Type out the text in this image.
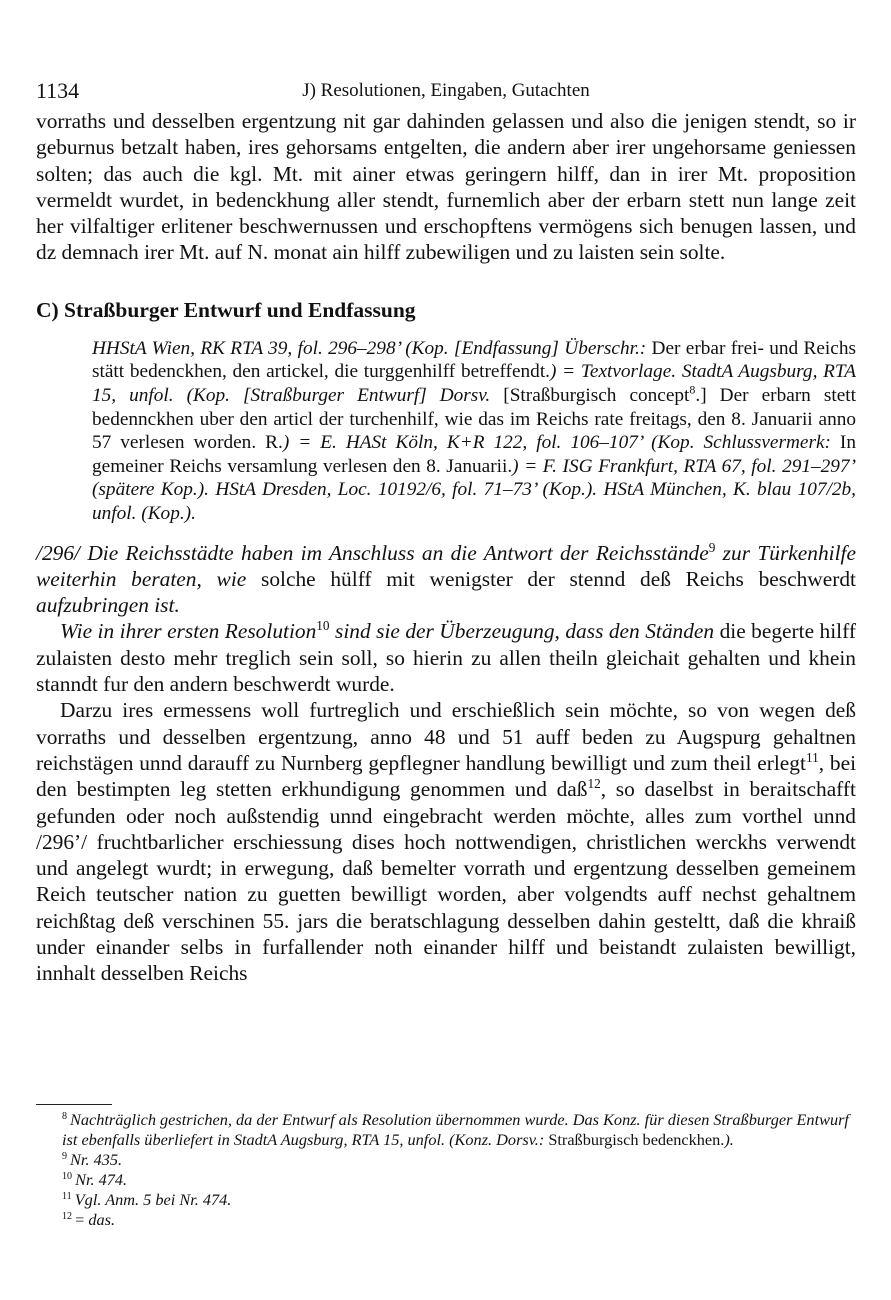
1134	J) Resolutionen, Eingaben, Gutachten

vorraths und desselben ergentzung nit gar dahinden gelassen und also die jenigen stendt, so ir geburnus betzalt haben, ires gehorsams entgelten, die andern aber irer ungehorsame geniessen solten; das auch die kgl. Mt. mit ainer etwas geringern hilff, dan in irer Mt. proposition vermeldt wurdet, in bedenckhung aller stendt, furnemlich aber der erbarn stett nun lange zeit her vilfaltiger erlitener beschwernussen und erschopftens vermögens sich benugen lassen, und dz demnach irer Mt. auf N. monat ain hilff zubewiligen und zu laisten sein solte.

C) Straßburger Entwurf und Endfassung

HHStA Wien, RK RTA 39, fol. 296–298’ (Kop. [Endfassung] Überschr.: Der erbar frei- und Reichs stätt bedenckhen, den artickel, die turggenhilff betreffendt.) = Textvorlage. StadtA Augsburg, RTA 15, unfol. (Kop. [Straßburger Entwurf] Dorsv. [Straßburgisch concept$^8$.] Der erbarn stett bedennckhen uber den articl der turchenhilf, wie das im Reichs rate freitags, den 8. Januarii anno 57 verlesen worden. R.) = E. HASt Köln, K+R 122, fol. 106–107’ (Kop. Schlussvermerk: In gemeiner Reichs versamlung verlesen den 8. Januarii.) = F. ISG Frankfurt, RTA 67, fol. 291–297’ (spätere Kop.). HStA Dresden, Loc. 10192/6, fol. 71–73’ (Kop.). HStA München, K. blau 107/2b, unfol. (Kop.).

/296/ Die Reichsstädte haben im Anschluss an die Antwort der Reichsstände$^9$ zur Türkenhilfe weiterhin beraten, wie solche hülff mit wenigster der stennd deß Reichs beschwerdt aufzubringen ist.

Wie in ihrer ersten Resolution$^{10}$ sind sie der Überzeugung, dass den Ständen die begerte hilff zulaisten desto mehr treglich sein soll, so hierin zu allen theiln gleichait gehalten und khein stanndt fur den andern beschwerdt wurde.

Darzu ires ermessens woll furtreglich und erschießlich sein möchte, so von wegen deß vorraths und desselben ergentzung, anno 48 und 51 auff beden zu Augspurg gehaltnen reichstägen unnd darauff zu Nurnberg gepflegner handlung bewilligt und zum theil erlegt$^{11}$, bei den bestimpten leg stetten erkhundigung genommen und daß$^{12}$, so daselbst in beraitschafft gefunden oder noch außstendig unnd eingebracht werden möchte, alles zum vorthel unnd /296’/ fruchtbarlicher erschiessung dises hoch nottwendigen, christlichen werckhs verwendt und angelegt wurdt; in erwegung, daß bemelter vorrath und ergentzung desselben gemeinem Reich teutscher nation zu guetten bewilligt worden, aber volgendts auff nechst gehaltnem reichßtag deß verschinen 55. jars die beratschlagung desselben dahin gesteltt, daß die khraiß under einander selbs in furfallender noth einander hilff und beistandt zulaisten bewilligt, innhalt desselben Reichs

$^8$ Nachträglich gestrichen, da der Entwurf als Resolution übernommen wurde. Das Konz. für diesen Straßburger Entwurf ist ebenfalls überliefert in StadtA Augsburg, RTA 15, unfol. (Konz. Dorsv.: Straßburgisch bedenckhen.).

$^9$ Nr. 435.

$^{10}$ Nr. 474.

$^{11}$ Vgl. Anm. 5 bei Nr. 474.

$^{12}$ = das.
